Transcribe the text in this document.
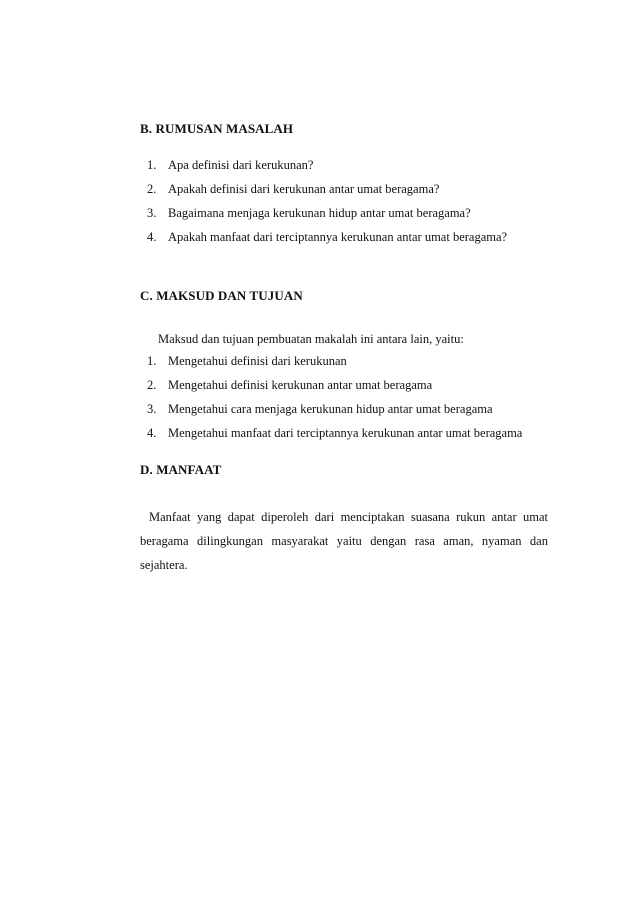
B. RUMUSAN MASALAH
1. Apa definisi dari kerukunan?
2. Apakah definisi dari kerukunan antar umat beragama?
3. Bagaimana menjaga kerukunan hidup antar umat beragama?
4. Apakah manfaat dari terciptannya kerukunan antar umat beragama?
C. MAKSUD DAN TUJUAN
Maksud dan tujuan pembuatan makalah ini antara lain, yaitu:
1. Mengetahui definisi dari kerukunan
2. Mengetahui definisi kerukunan antar umat beragama
3. Mengetahui cara menjaga kerukunan hidup antar umat beragama
4. Mengetahui manfaat dari terciptannya kerukunan antar umat beragama
D. MANFAAT
Manfaat yang dapat diperoleh dari menciptakan suasana rukun antar umat
beragama dilingkungan masyarakat yaitu dengan rasa aman, nyaman dan
sejahtera.
